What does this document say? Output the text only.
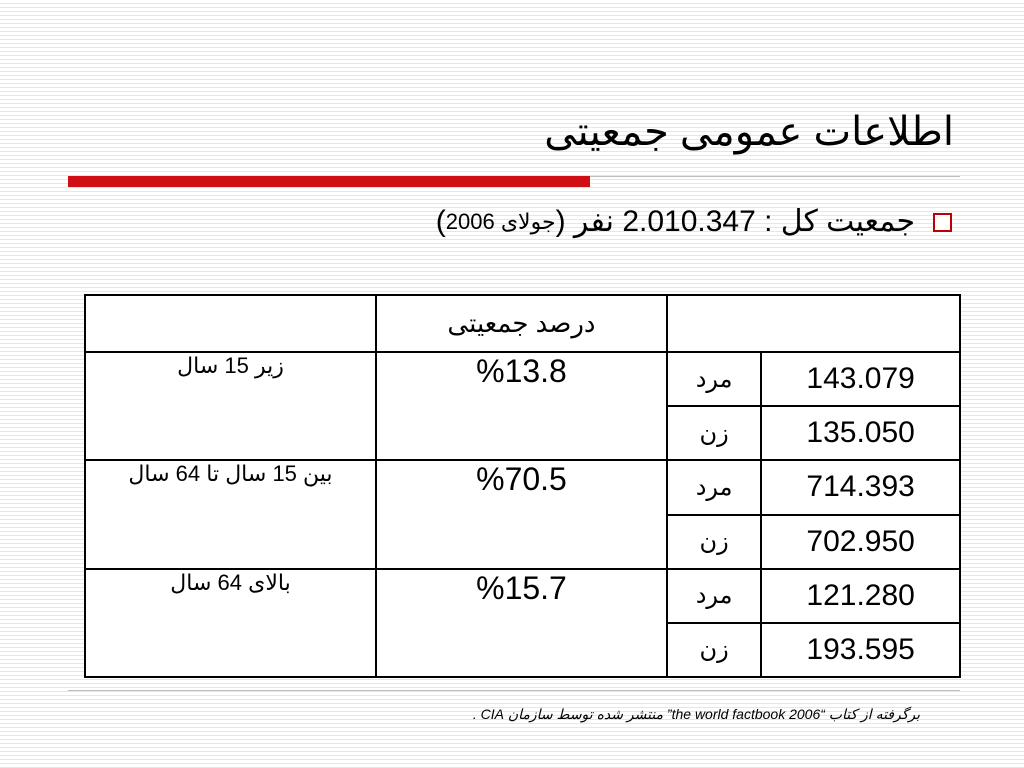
اطلاعات عمومی جمعیتی
جمعیت کل : 2.010.347 نفر (
جولای 2006
)
	درصد جمعیتی		
زیر 15 سال	%13.8	مرد	143.079
		زن	135.050
بین 15 سال تا 64 سال	%70.5	مرد	714.393
		زن	702.950
بالای 64 سال	%15.7	مرد	121.280
		زن	193.595
برگرفته از کتاب “the world factbook 2006” منتشر شده توسط سازمان CIA .
